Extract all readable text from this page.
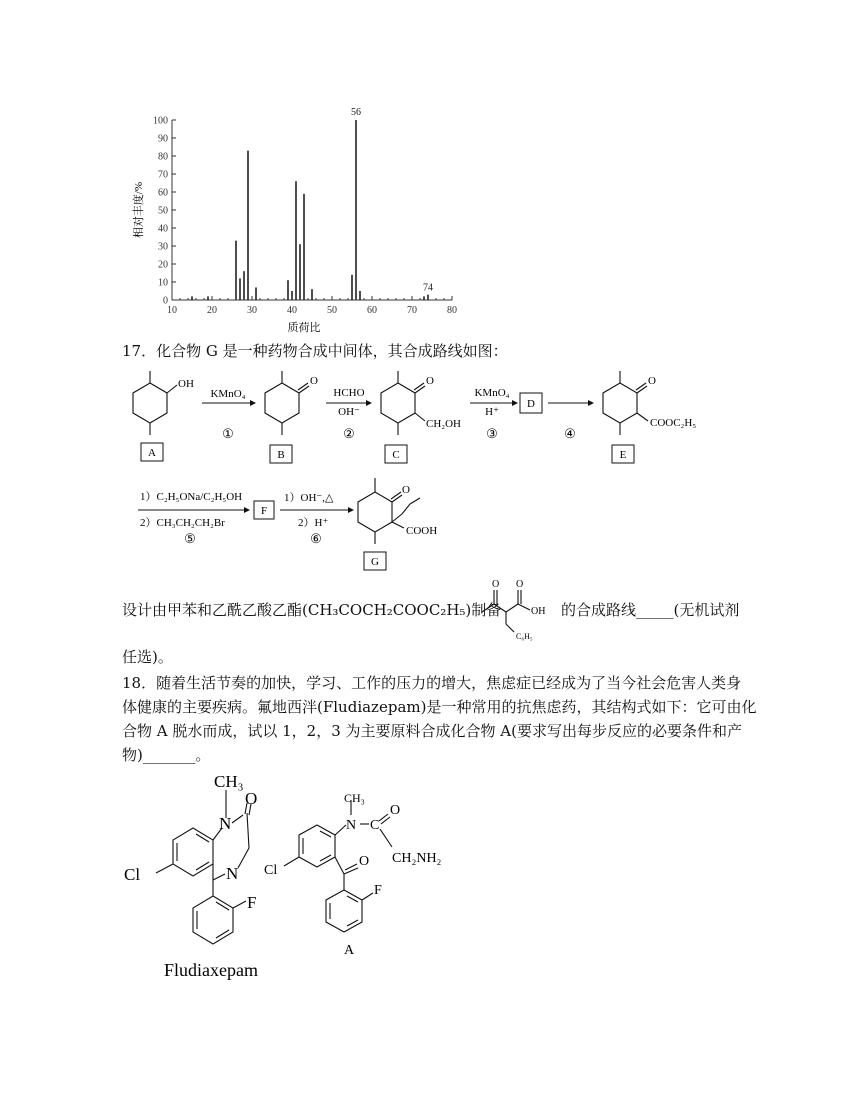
56
74
0
10
20
30
40
50
60
70
80
90
100
10	20	30	40	50	60	70	80
质荷比
相对丰度/%
17．化合物 G 是一种药物合成中间体，其合成路线如图：
OH
A
KMnO₄
①
O
B
HCHO
OH⁻
②
O
CH₂OH
C
KMnO₄
H⁺
③
D
④
O
COOC₂H₅
E
1）C₂H₅ONa/C₂H₅OH
2）CH₃CH₂CH₂Br
⑤
F
1）OH⁻,△
2）H⁺
⑥
O
COOH
G
设计由甲苯和乙酰乙酸乙酯(CH₃COCH₂COOC₂H₅)制备
O O
OH
C₆H₅
的合成路线_____(无机试剂
任选)。
18．随着生活节奏的加快，学习、工作的压力的增大，焦虑症已经成为了当今社会危害人类身
体健康的主要疾病。氟地西泮(Fludiazepam)是一种常用的抗焦虑药，其结构式如下：它可由化
合物 A 脱水而成，试以 1，2，3 为主要原料合成化合物 A(要求写出每步反应的必要条件和产
物)_______。
CH₃
O
N
N
Cl
F
Fludiaxepam
CH₃
N C
O
CH₂NH₂
Cl
O
F
A
